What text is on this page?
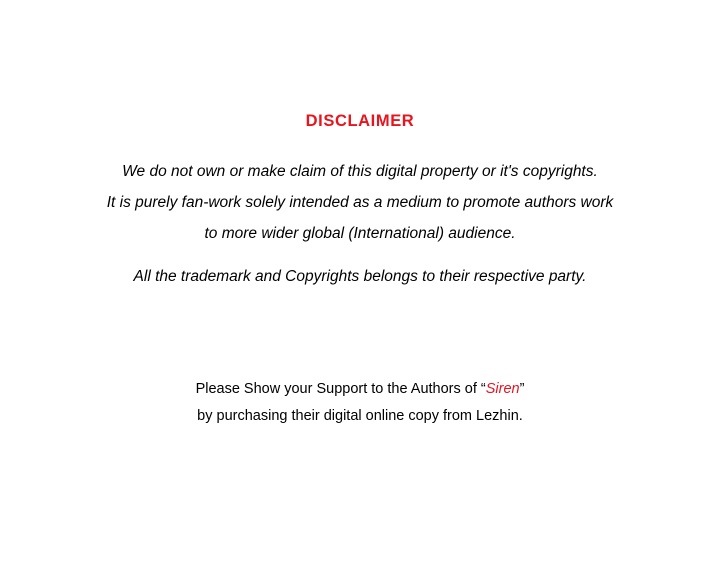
DISCLAIMER
We do not own or make claim of this digital property or it's copyrights.
It is purely fan-work solely intended as a medium to promote authors work
to more wider global (International) audience.
All the trademark and Copyrights belongs to their respective party.
Please Show your Support to the Authors of “Siren”
by purchasing their digital online copy from Lezhin.
